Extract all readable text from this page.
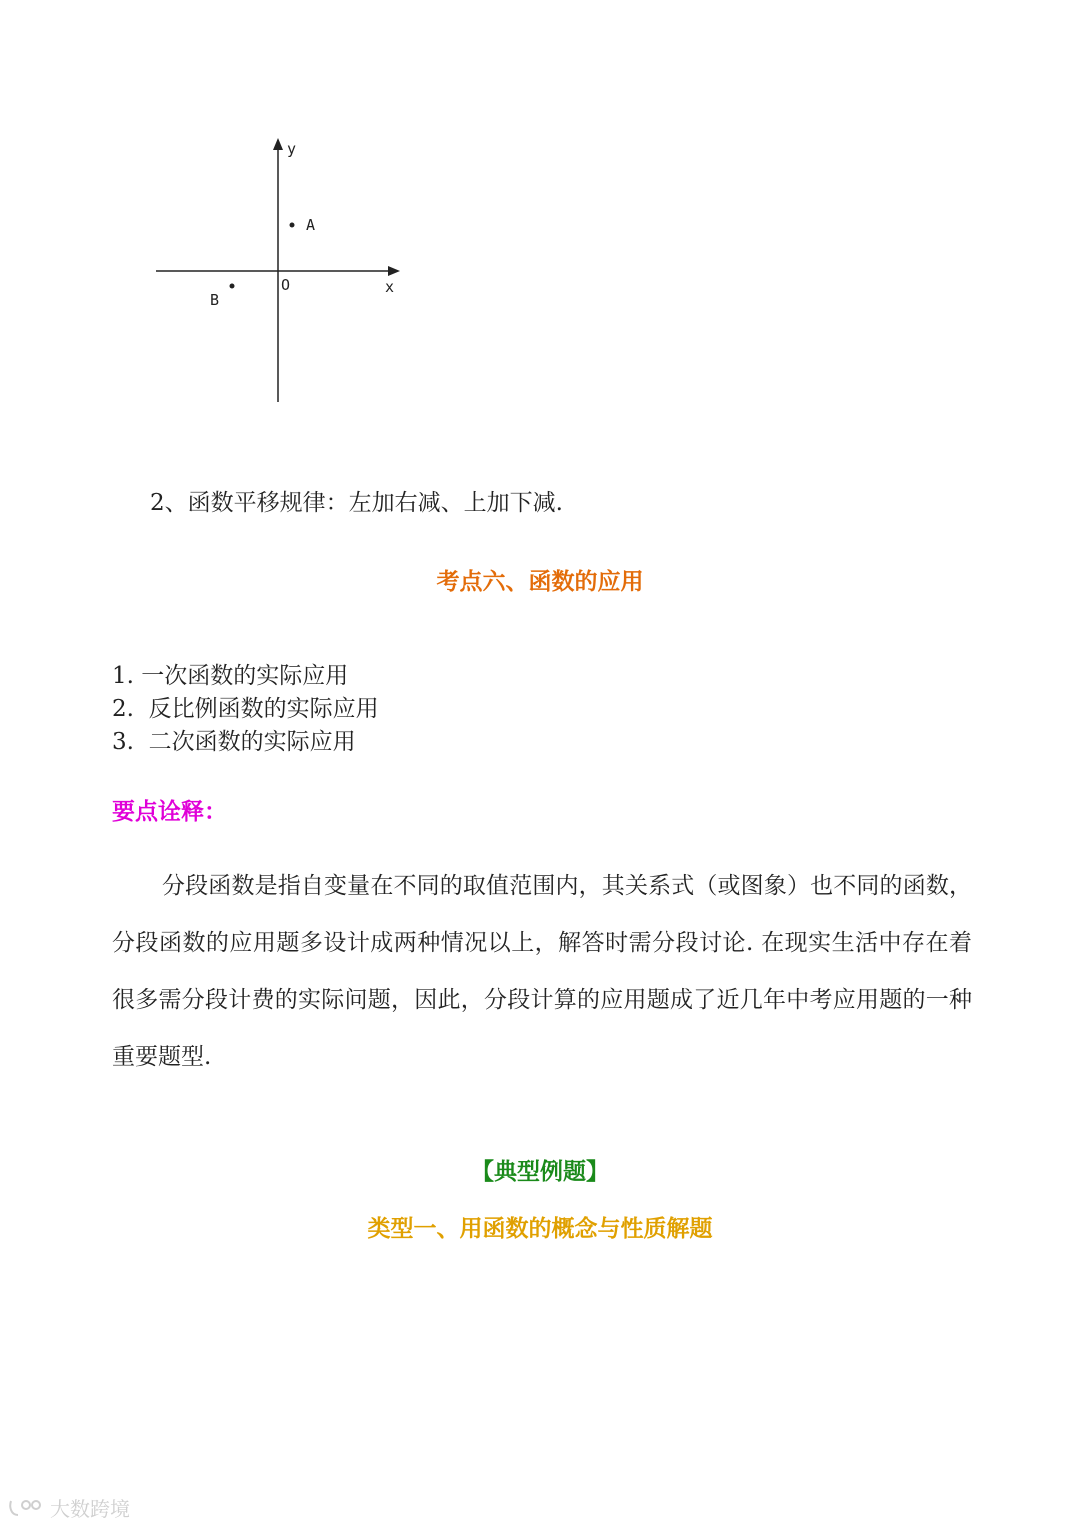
y
x
O
A
B
2、函数平移规律：左加右减、上加下减.
考点六、函数的应用
1. 一次函数的实际应用
2.  反比例函数的实际应用
3.  二次函数的实际应用
要点诠释：
分段函数是指自变量在不同的取值范围内，其关系式（或图象）也不同的函数，分段函数的应用题多设计成两种情况以上，解答时需分段讨论. 在现实生活中存在着很多需分段计费的实际问题，因此，分段计算的应用题成了近几年中考应用题的一种重要题型.
【典型例题】
类型一、用函数的概念与性质解题
大数跨境
